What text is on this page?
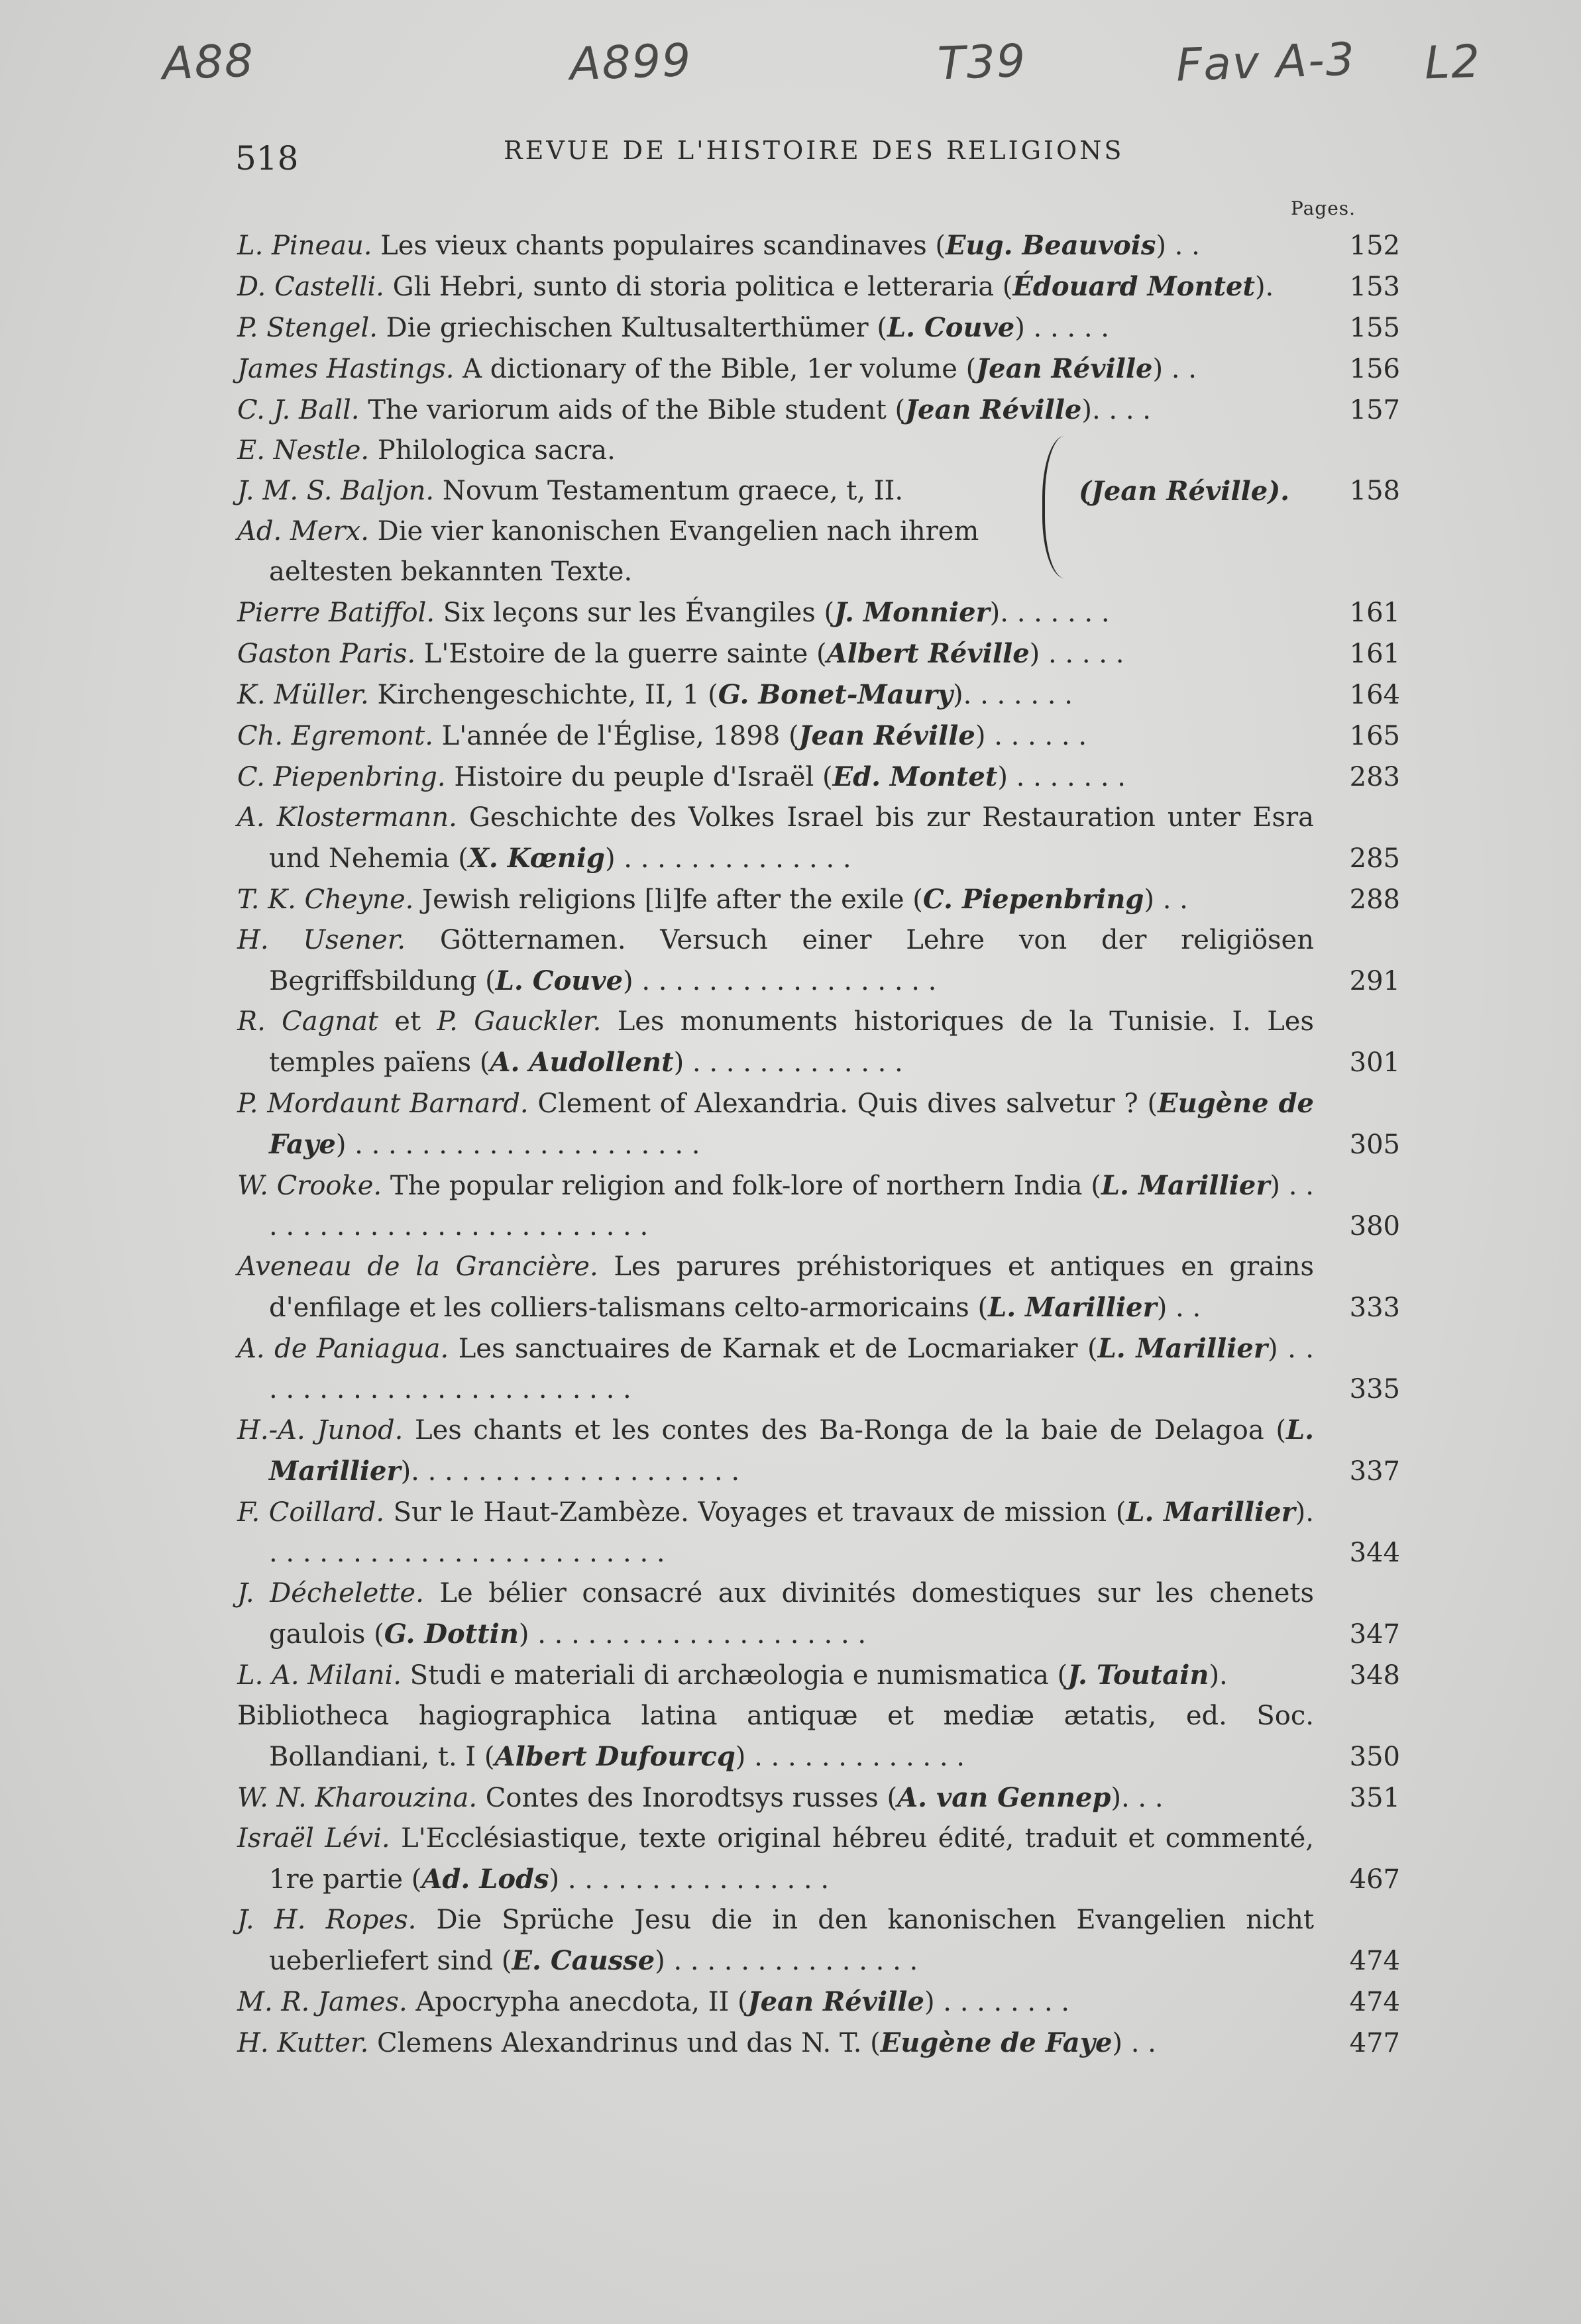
A88	A899	T39	Fav A-3 L2
518	REVUE DE L'HISTOIRE DES RELIGIONS
Pages.
L. Pineau. Les vieux chants populaires scandinaves (Eug. Beauvois) . .	152
D. Castelli. Gli Hebri, sunto di storia politica e letteraria (Édouard Montet).	153
P. Stengel. Die griechischen Kultusalterthümer (L. Couve) . . . . .	155
James Hastings. A dictionary of the Bible, 1er volume (Jean Réville) . .	156
C. J. Ball. The variorum aids of the Bible student (Jean Réville). . . .	157
E. Nestle. Philologica sacra.
J. M. S. Baljon. Novum Testamentum graece, t, II.
Ad. Merx. Die vier kanonischen Evangelien nach ihrem
aeltesten bekannten Texte.
(Jean Réville). 158
Pierre Batiffol. Six leçons sur les Évangiles (J. Monnier). . . . . . .	161
Gaston Paris. L'Estoire de la guerre sainte (Albert Réville) . . . . .	161
K. Müller. Kirchengeschichte, II, 1 (G. Bonet-Maury). . . . . . .	164
Ch. Egremont. L'année de l'Église, 1898 (Jean Réville) . . . . . .	165
C. Piepenbring. Histoire du peuple d'Israël (Ed. Montet) . . . . . . .	283
A. Klostermann. Geschichte des Volkes Israel bis zur Restauration unter Esra und Nehemia (X. Kœnig) . . . . . . . . . . . . . .	285
T. K. Cheyne. Jewish religions [li]fe after the exile (C. Piepenbring) . .	288
H. Usener. Götternamen. Versuch einer Lehre von der religiösen Begriffsbildung (L. Couve) . . . . . . . . . . . . . . . . . .	291
R. Cagnat et P. Gauckler. Les monuments historiques de la Tunisie. I. Les temples païens (A. Audollent) . . . . . . . . . . . . .	301
P. Mordaunt Barnard. Clement of Alexandria. Quis dives salvetur ? (Eugène de Faye) . . . . . . . . . . . . . . . . . . . . .	305
W. Crooke. The popular religion and folk-lore of northern India (L. Marillier) . . . . . . . . . . . . . . . . . . . . . . . . .	380
Aveneau de la Grancière. Les parures préhistoriques et antiques en grains d'enfilage et les colliers-talismans celto-armoricains (L. Marillier) . .	333
A. de Paniagua. Les sanctuaires de Karnak et de Locmariaker (L. Marillier) . . . . . . . . . . . . . . . . . . . . . . . .	335
H.-A. Junod. Les chants et les contes des Ba-Ronga de la baie de Delagoa (L. Marillier). . . . . . . . . . . . . . . . . . . .	337
F. Coillard. Sur le Haut-Zambèze. Voyages et travaux de mission (L. Marillier). . . . . . . . . . . . . . . . . . . . . . . . .	344
J. Déchelette. Le bélier consacré aux divinités domestiques sur les chenets gaulois (G. Dottin) . . . . . . . . . . . . . . . . . . . .	347
L. A. Milani. Studi e materiali di archæologia e numismatica (J. Toutain).	348
Bibliotheca hagiographica latina antiquæ et mediæ ætatis, ed. Soc. Bollandiani, t. I (Albert Dufourcq) . . . . . . . . . . . . .	350
W. N. Kharouzina. Contes des Inorodtsys russes (A. van Gennep). . .	351
Israël Lévi. L'Ecclésiastique, texte original hébreu édité, traduit et commenté, 1re partie (Ad. Lods) . . . . . . . . . . . . . . . .	467
J. H. Ropes. Die Sprüche Jesu die in den kanonischen Evangelien nicht ueberliefert sind (E. Causse) . . . . . . . . . . . . . . .	474
M. R. James. Apocrypha anecdota, II (Jean Réville) . . . . . . . .	474
H. Kutter. Clemens Alexandrinus und das N. T. (Eugène de Faye) . .	477
